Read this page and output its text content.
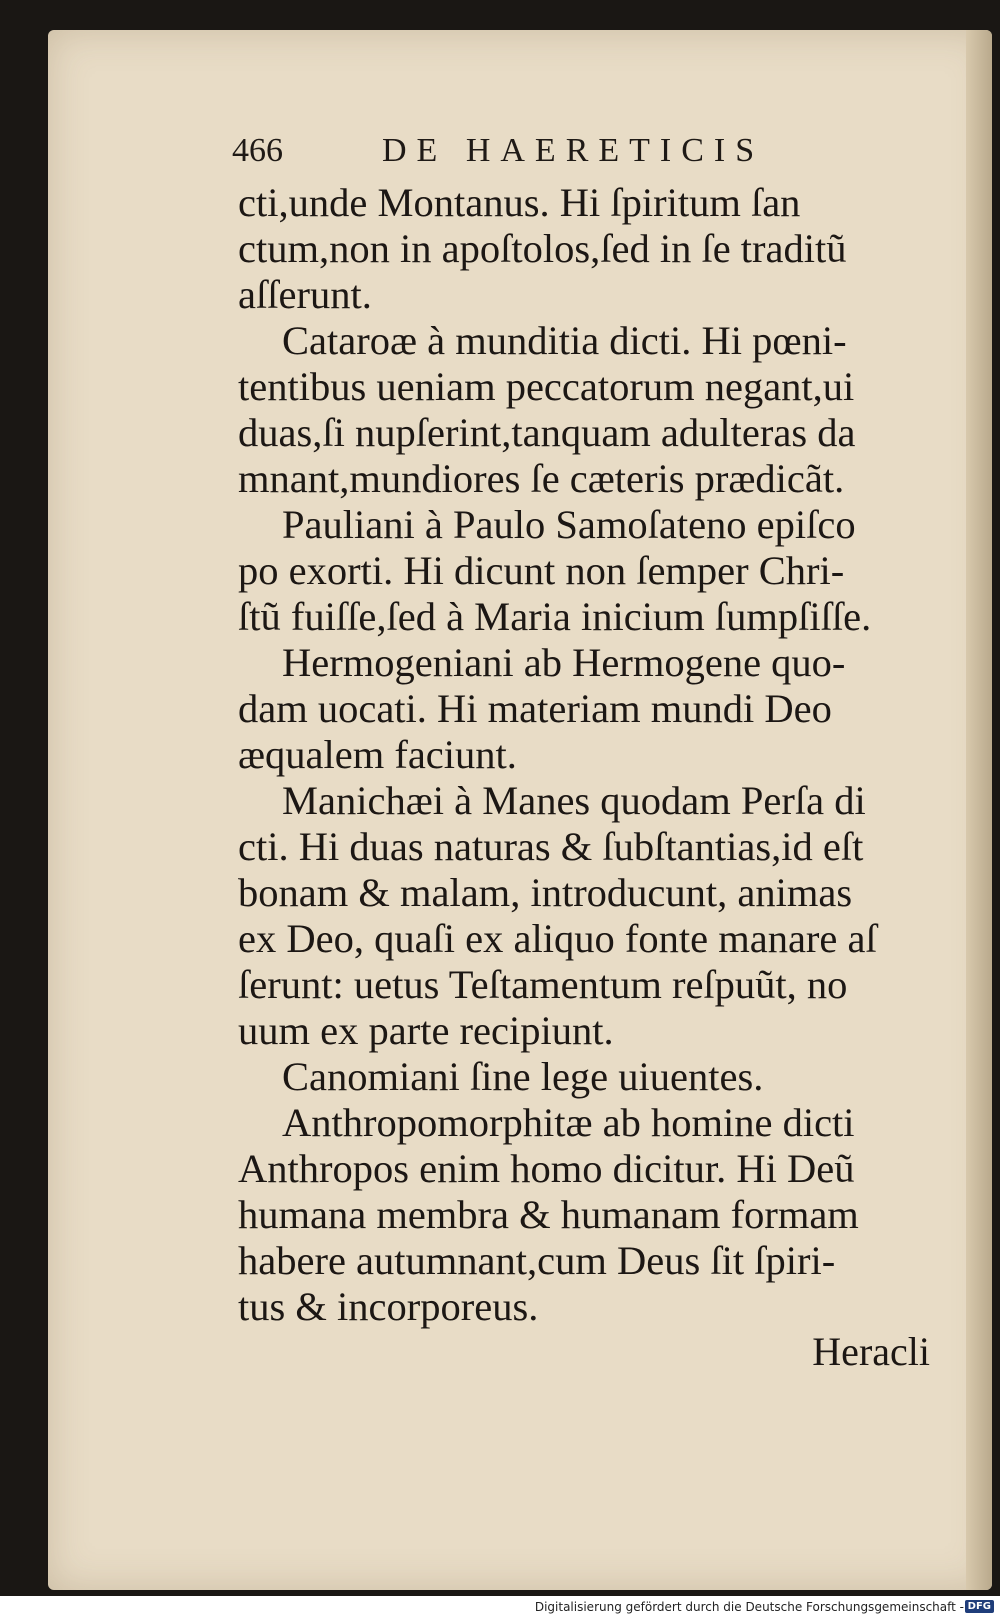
466	DE HAERETICIS
cti,unde Montanus. Hi ſpiritum ſan
ctum,non in apoſtolos,ſed in ſe traditũ
aſſerunt.
Cataroæ à munditia dicti. Hi pœni-
tentibus ueniam peccatorum negant,ui
duas,ſi nupſerint,tanquam adulteras da
mnant,mundiores ſe cæteris prædicãt.
Pauliani à Paulo Samoſateno epiſco
po exorti. Hi dicunt non ſemper Chri-
ſtũ fuiſſe,ſed à Maria inicium ſumpſiſſe.
Hermogeniani ab Hermogene quo-
dam uocati. Hi materiam mundi Deo
æqualem faciunt.
Manichæi à Manes quodam Perſa di
cti. Hi duas naturas & ſubſtantias,id eſt
bonam & malam, introducunt, animas
ex Deo, quaſi ex aliquo fonte manare aſ
ſerunt: uetus Teſtamentum reſpuũt, no
uum ex parte recipiunt.
Canomiani ſine lege uiuentes.
Anthropomorphitæ ab homine dicti
Anthropos enim homo dicitur. Hi Deũ
humana membra & humanam formam
habere autumnant,cum Deus ſit ſpiri-
tus & incorporeus.
Heracli
Digitalisierung gefördert durch die Deutsche Forschungsgemeinschaft - DFG
